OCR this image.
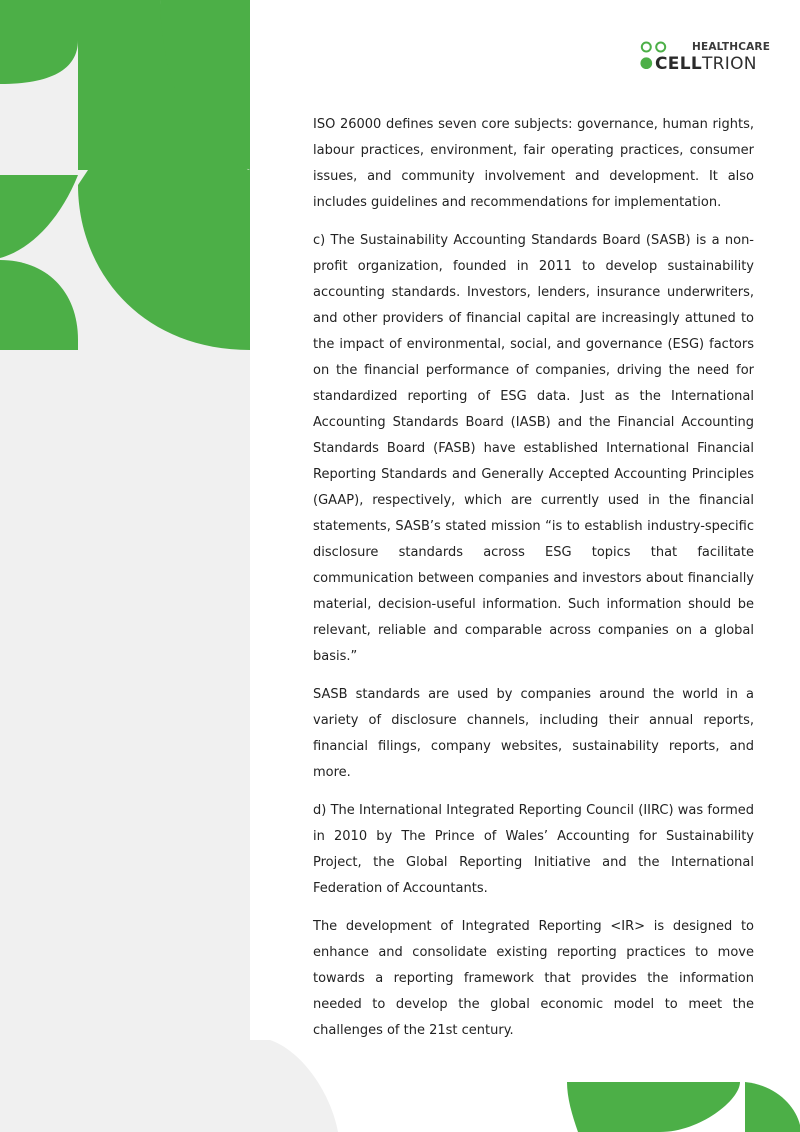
HEALTHCARE
CELLTRION

ISO 26000 defines seven core subjects: governance, human rights, labour practices, environment, fair operating practices, consumer issues, and community involvement and development. It also includes guidelines and recommendations for implementation.

c) The Sustainability Accounting Standards Board (SASB) is a non-profit organization, founded in 2011 to develop sustainability accounting standards. Investors, lenders, insurance underwriters, and other providers of financial capital are increasingly attuned to the impact of environmental, social, and governance (ESG) factors on the financial performance of companies, driving the need for standardized reporting of ESG data. Just as the International Accounting Standards Board (IASB) and the Financial Accounting Standards Board (FASB) have established International Financial Reporting Standards and Generally Accepted Accounting Principles (GAAP), respectively, which are currently used in the financial statements, SASB’s stated mission “is to establish industry-specific disclosure standards across ESG topics that facilitate communication between companies and investors about financially material, decision-useful information. Such information should be relevant, reliable and comparable across companies on a global basis.”

SASB standards are used by companies around the world in a variety of disclosure channels, including their annual reports, financial filings, company websites, sustainability reports, and more.

d) The International Integrated Reporting Council (IIRC) was formed in 2010 by The Prince of Wales’ Accounting for Sustainability Project, the Global Reporting Initiative and the International Federation of Accountants.

The development of Integrated Reporting <IR> is designed to enhance and consolidate existing reporting practices to move towards a reporting framework that provides the information needed to develop the global economic model to meet the challenges of the 21st century.
